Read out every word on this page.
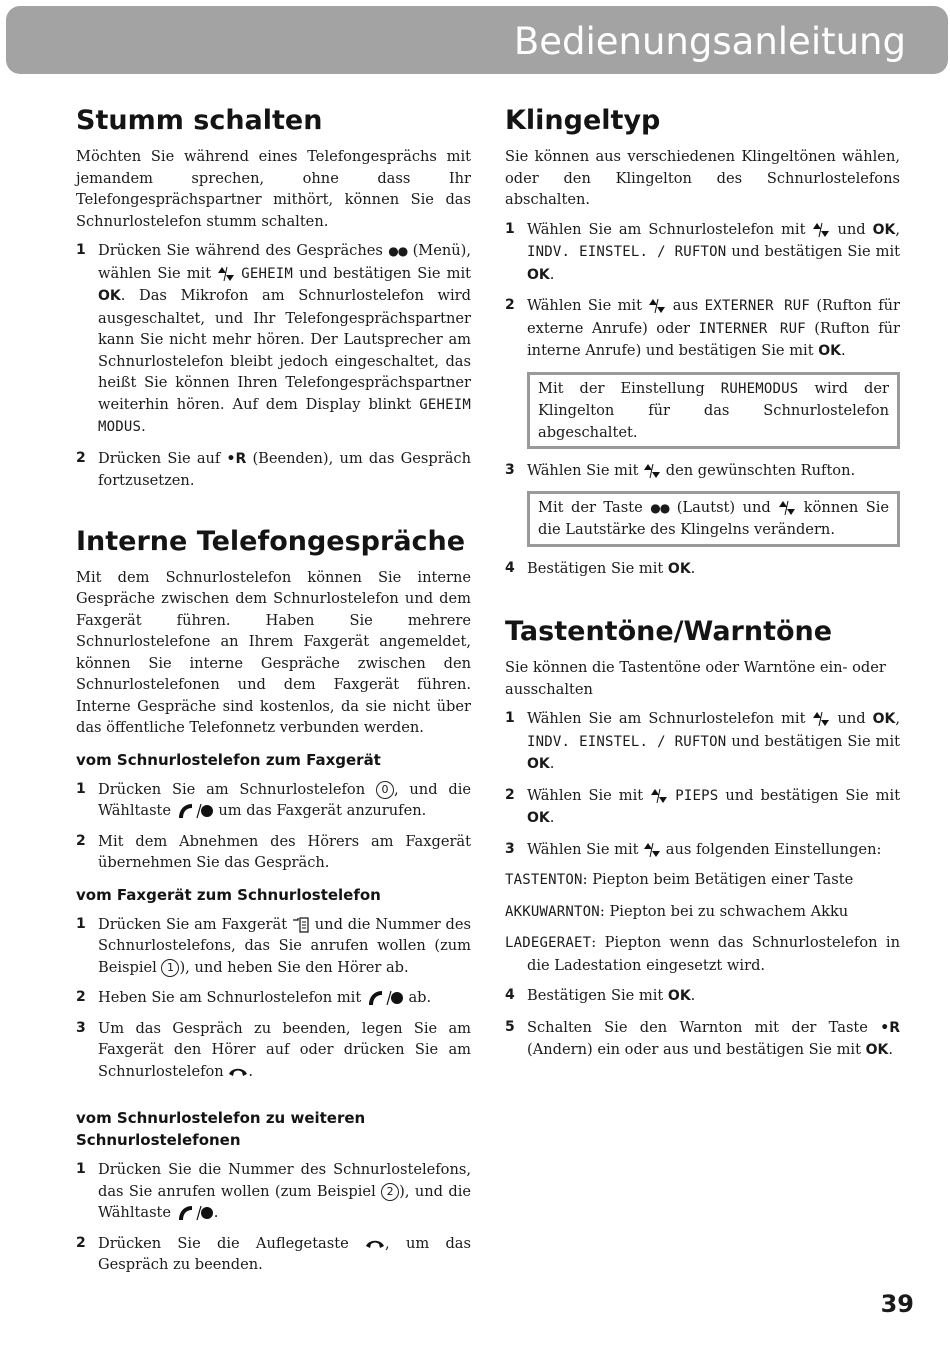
Bedienungsanleitung
Stumm schalten

Möchten Sie während eines Telefongesprächs mit jemandem sprechen, ohne dass Ihr Telefongesprächspartner mithört, können Sie das Schnurlostelefon stumm schalten.

1 Drücken Sie während des Gespräches ●● (Menü), wählen Sie mit GEHEIM und bestätigen Sie mit OK. Das Mikrofon am Schnurlostelefon wird ausgeschaltet, und Ihr Telefongesprächspartner kann Sie nicht mehr hören. Der Lautsprecher am Schnurlostelefon bleibt jedoch eingeschaltet, das heißt Sie können Ihren Telefongesprächspartner weiterhin hören. Auf dem Display blinkt GEHEIM MODUS.
2 Drücken Sie auf •R (Beenden), um das Gespräch fortzusetzen.
Interne Telefongespräche

Mit dem Schnurlostelefon können Sie interne Gespräche zwischen dem Schnurlostelefon und dem Faxgerät führen. Haben Sie mehrere Schnurlostelefone an Ihrem Faxgerät angemeldet, können Sie interne Gespräche zwischen den Schnurlostelefonen und dem Faxgerät führen. Interne Gespräche sind kostenlos, da sie nicht über das öffentliche Telefonnetz verbunden werden.

vom Schnurlostelefon zum Faxgerät
1 Drücken Sie am Schnurlostelefon 0 , und die Wähltaste	um das Faxgerät anzurufen.
2 Mit dem Abnehmen des Hörers am Faxgerät übernehmen Sie das Gespräch.
vom Faxgerät zum Schnurlostelefon
1 Drücken Sie am Faxgerät und die Nummer des Schnurlostelefons, das Sie anrufen wollen (zum Beispiel 1 ), und heben Sie den Hörer ab.
2 Heben Sie am Schnurlostelefon mit	ab.
3 Um das Gespräch zu beenden, legen Sie am Faxgerät den Hörer auf oder drücken Sie am Schnurlostelefon .
vom Schnurlostelefon zu weiteren Schnurlostelefonen
1 Drücken Sie die Nummer des Schnurlostelefons, das Sie anrufen wollen (zum Beispiel 2 ), und die Wähltaste	.
2 Drücken Sie die Auflegetaste , um das Gespräch zu beenden.
Klingeltyp

Sie können aus verschiedenen Klingeltönen wählen, oder den Klingelton des Schnurlostelefons abschalten.

1 Wählen Sie am Schnurlostelefon mit und OK, INDV. EINSTEL. / RUFTON und bestätigen Sie mit OK.
2 Wählen Sie mit aus EXTERNER RUF (Rufton für externe Anrufe) oder INTERNER RUF (Rufton für interne Anrufe) und bestätigen Sie mit OK.
Mit der Einstellung RUHEMODUS wird der Klingelton für das Schnurlostelefon abgeschaltet.
3 Wählen Sie mit den gewünschten Rufton.
Mit der Taste ●● (Lautst) und können Sie die Lautstärke des Klingelns verändern.
4 Bestätigen Sie mit OK.
Tastentöne/Warntöne

Sie können die Tastentöne oder Warntöne ein- oder ausschalten

1 Wählen Sie am Schnurlostelefon mit und OK, INDV. EINSTEL. / RUFTON und bestätigen Sie mit OK.
2 Wählen Sie mit PIEPS und bestätigen Sie mit OK.
3 Wählen Sie mit aus folgenden Einstellungen:
TASTENTON: Piepton beim Betätigen einer Taste
AKKUWARNTON: Piepton bei zu schwachem Akku
LADEGERAET: Piepton wenn das Schnurlostelefon in die Ladestation eingesetzt wird.
4 Bestätigen Sie mit OK.
5 Schalten Sie den Warnton mit der Taste •R (Andern) ein oder aus und bestätigen Sie mit OK.
39
